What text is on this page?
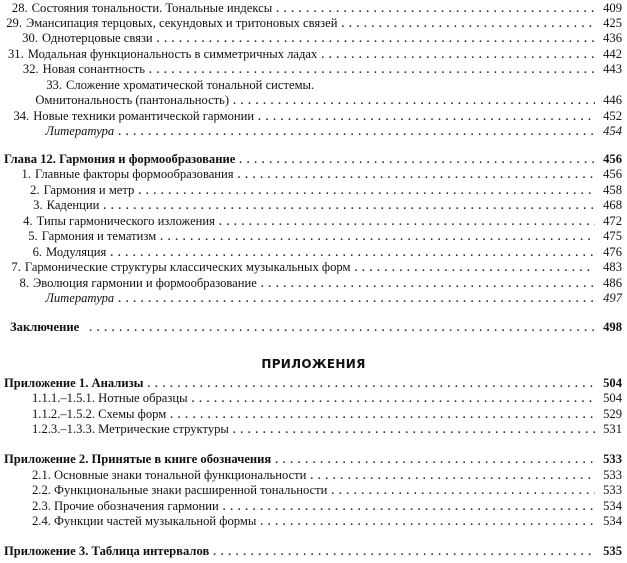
28. Состояния тональности. Тональные индексы . . .	409
29. Эмансипация терцовых, секундовых и тритоновых связей . . .	425
30. Однотерцовые связи . . .	436
31. Модальная функциональность в симметричных ладах . . .	442
32. Новая сонантность . . .	443
33. Сложение хроматической тональной системы.
Омнитональность (пантональность) . . .	446
34. Новые техники романтической гармонии . . .	452
Литература . . .	454
Глава 12. Гармония и формообразование . . .	456
1. Главные факторы формообразования . . .	456
2. Гармония и метр . . .	458
3. Каденции . . .	468
4. Типы гармонического изложения . . .	472
5. Гармония и тематизм . . .	475
6. Модуляция . . .	476
7. Гармонические структуры классических музыкальных форм . . .	483
8. Эволюция гармонии и формообразование . . .	486
Литература . . .	497
Заключение . . .	498
ПРИЛОЖЕНИЯ
Приложение 1. Анализы . . .	504
1.1.1.–1.5.1. Нотные образцы . . .	504
1.1.2.–1.5.2. Схемы форм . . .	529
1.2.3.–1.3.3. Метрические структуры . . .	531
Приложение 2. Принятые в книге обозначения . . .	533
2.1. Основные знаки тональной функциональности . . .	533
2.2. Функциональные знаки расширенной тональности . . .	533
2.3. Прочие обозначения гармонии . . .	534
2.4. Функции частей музыкальной формы . . .	534
Приложение 3. Таблица интервалов . . .	535
